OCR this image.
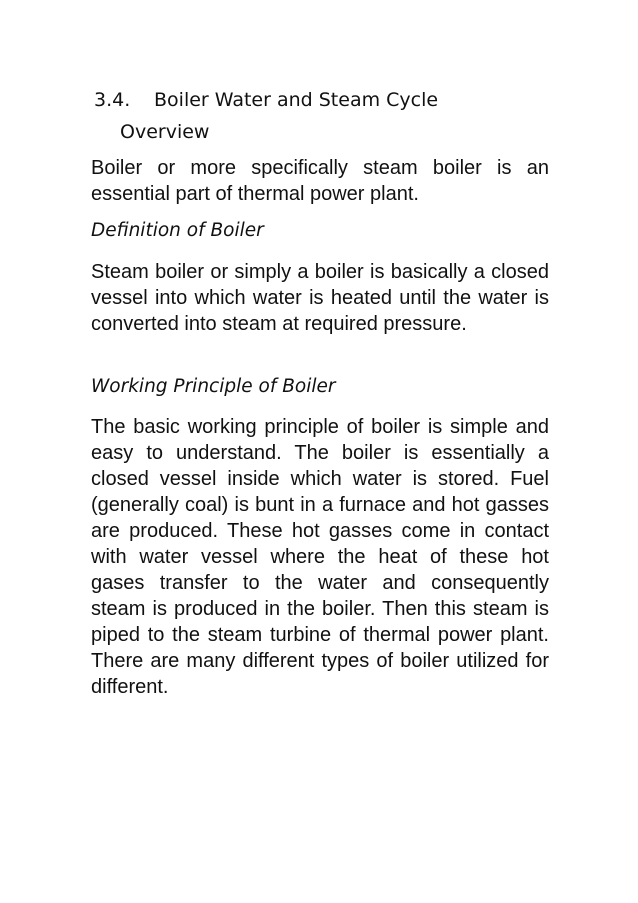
3.4. Boiler Water and Steam Cycle
Overview

Boiler or more specifically steam boiler is an essential part of thermal power plant.

Definition of Boiler

Steam boiler or simply a boiler is basically a closed vessel into which water is heated until the water is converted into steam at required pressure.

Working Principle of Boiler

The basic working principle of boiler is simple and easy to understand. The boiler is essentially a closed vessel inside which water is stored. Fuel (generally coal) is bunt in a furnace and hot gasses are produced. These hot gasses come in contact with water vessel where the heat of these hot gases transfer to the water and consequently steam is produced in the boiler. Then this steam is piped to the steam turbine of thermal power plant. There are many different types of boiler utilized for different.
